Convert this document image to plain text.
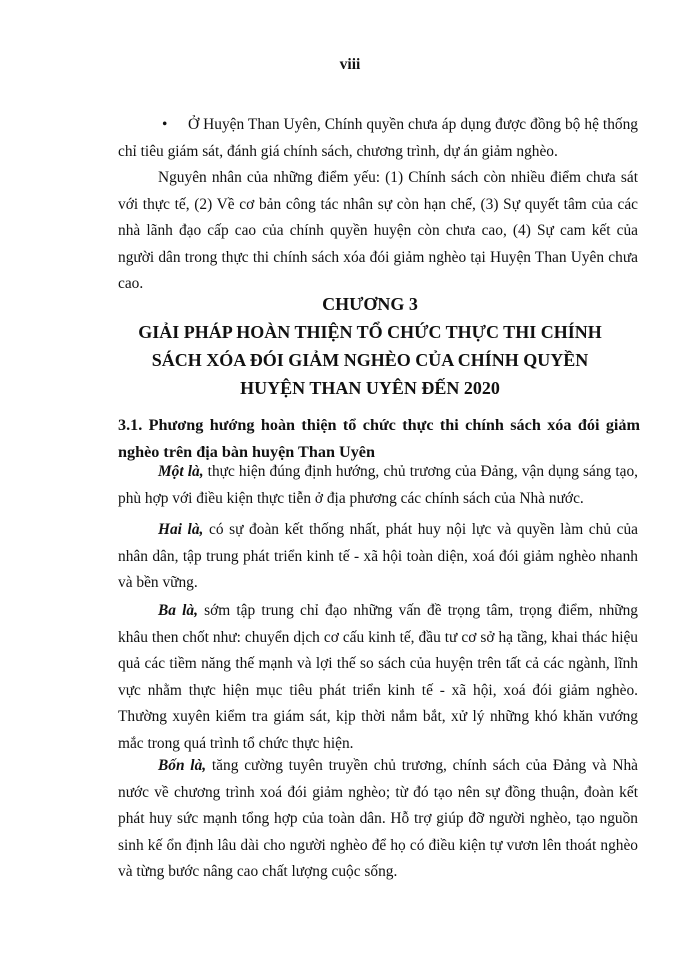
viii
• Ở Huyện Than Uyên, Chính quyền chưa áp dụng được đồng bộ hệ thống chỉ tiêu giám sát, đánh giá chính sách, chương trình, dự án giảm nghèo.

Nguyên nhân của những điểm yếu: (1) Chính sách còn nhiều điểm chưa sát với thực tế, (2) Về cơ bản công tác nhân sự còn hạn chế, (3) Sự quyết tâm của các nhà lãnh đạo cấp cao của chính quyền huyện còn chưa cao, (4) Sự cam kết của người dân trong thực thi chính sách xóa đói giảm nghèo tại Huyện Than Uyên chưa cao.

CHƯƠNG 3

GIẢI PHÁP HOÀN THIỆN TỔ CHỨC THỰC THI CHÍNH

SÁCH XÓA ĐÓI GIẢM NGHÈO CỦA CHÍNH QUYỀN

HUYỆN THAN UYÊN ĐẾN 2020

3.1. Phương hướng hoàn thiện tổ chức thực thi chính sách xóa đói giảm nghèo trên địa bàn huyện Than Uyên

Một là, thực hiện đúng định hướng, chủ trương của Đảng, vận dụng sáng tạo, phù hợp với điều kiện thực tiễn ở địa phương các chính sách của Nhà nước.

Hai là, có sự đoàn kết thống nhất, phát huy nội lực và quyền làm chủ của nhân dân, tập trung phát triển kinh tế - xã hội toàn diện, xoá đói giảm nghèo nhanh và bền vững.

Ba là, sớm tập trung chỉ đạo những vấn đề trọng tâm, trọng điểm, những khâu then chốt như: chuyển dịch cơ cấu kinh tế, đầu tư cơ sở hạ tầng, khai thác hiệu quả các tiềm năng thế mạnh và lợi thế so sách của huyện trên tất cả các ngành, lĩnh vực nhằm thực hiện mục tiêu phát triển kinh tế - xã hội, xoá đói giảm nghèo. Thường xuyên kiểm tra giám sát, kịp thời nắm bắt, xử lý những khó khăn vướng mắc trong quá trình tổ chức thực hiện.

Bốn là, tăng cường tuyên truyền chủ trương, chính sách của Đảng và Nhà nước về chương trình xoá đói giảm nghèo; từ đó tạo nên sự đồng thuận, đoàn kết phát huy sức mạnh tổng hợp của toàn dân. Hỗ trợ giúp đỡ người nghèo, tạo nguồn sinh kế ổn định lâu dài cho người nghèo để họ có điều kiện tự vươn lên thoát nghèo và từng bước nâng cao chất lượng cuộc sống.
